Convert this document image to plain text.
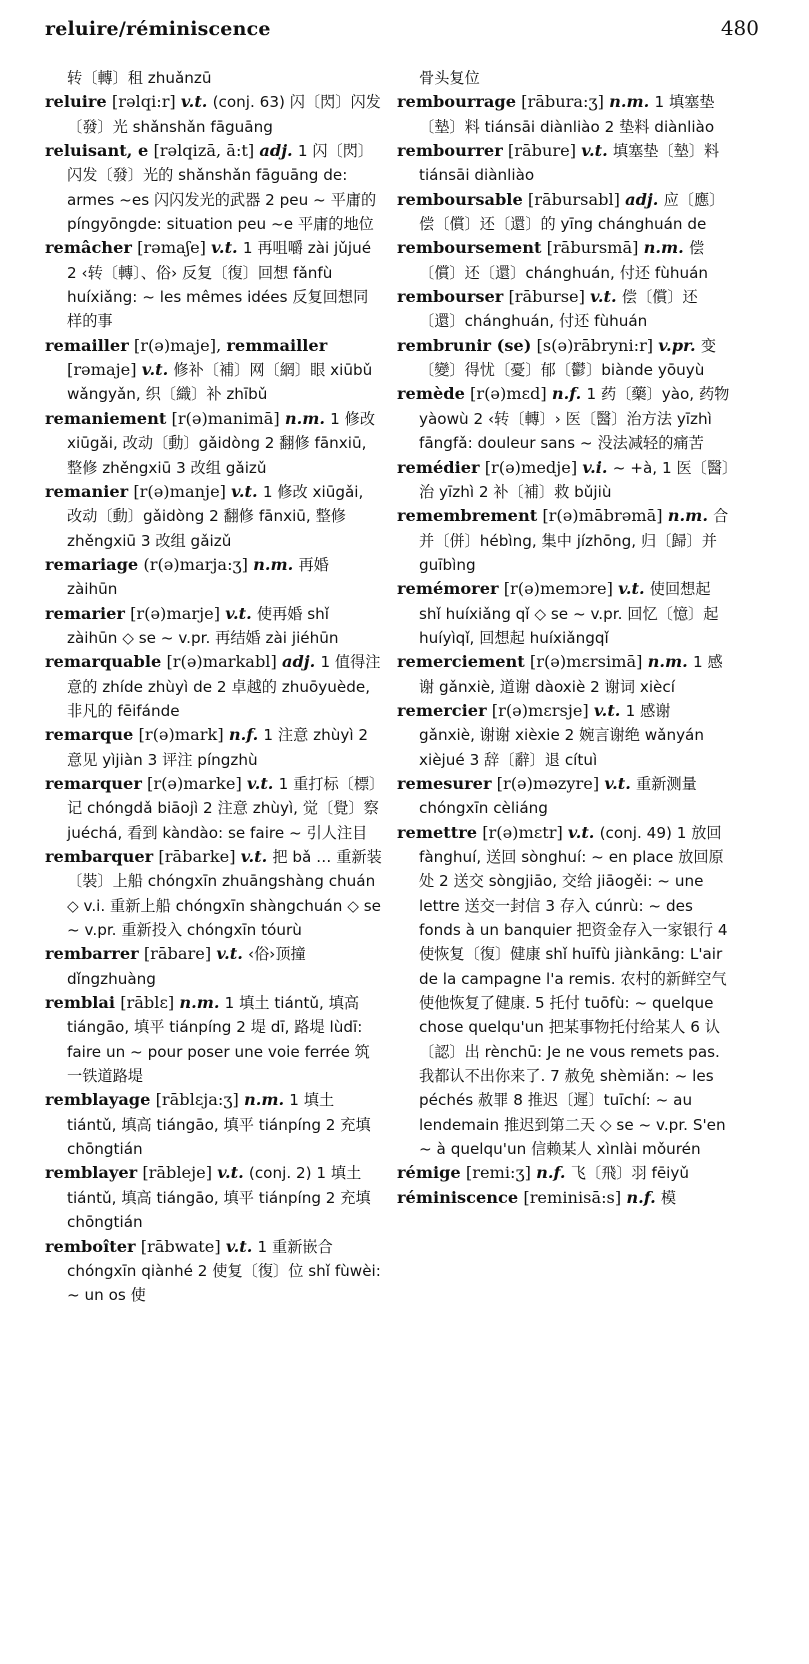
reluire/réminiscence	480
转〔轉〕租 zhuǎnzū
reluire [rəlqi:r] v.t. (conj. 63) 闪〔閃〕闪发〔發〕光 shǎnshǎn fāguāng
reluisant, e [rəlqizā, ā:t] adj. 1 闪〔閃〕闪发〔發〕光的 shǎnshǎn fāguāng de: armes ~es 闪闪发光的武器 2 peu ~ 平庸的 píngyōngde: situation peu ~e 平庸的地位
remâcher [rəmaʃe] v.t. 1 再咀嚼 zài jǔjué 2 ‹转〔轉〕、俗› 反复〔復〕回想 fǎnfù huíxiǎng: ~ les mêmes idées 反复回想同样的事
remailler [r(ə)maje], remmailler [rəmaje] v.t. 修补〔補〕网〔網〕眼 xiūbǔ wǎngyǎn, 织〔織〕补 zhībǔ
remaniement [r(ə)manimā] n.m. 1 修改 xiūgǎi, 改动〔動〕gǎidòng 2 翻修 fānxiū, 整修 zhěngxiū 3 改组 gǎizǔ
remanier [r(ə)manje] v.t. 1 修改 xiūgǎi, 改动〔動〕gǎidòng 2 翻修 fānxiū, 整修 zhěngxiū 3 改组 gǎizǔ
remariage (r(ə)marja:ʒ] n.m. 再婚 zàihūn
remarier [r(ə)marje] v.t. 使再婚 shǐ zàihūn ◇ se ~ v.pr. 再结婚 zài jiéhūn
remarquable [r(ə)markabl] adj. 1 值得注意的 zhíde zhùyì de 2 卓越的 zhuōyuède, 非凡的 fēifánde
remarque [r(ə)mark] n.f. 1 注意 zhùyì 2 意见 yìjiàn 3 评注 píngzhù
remarquer [r(ə)marke] v.t. 1 重打标〔標〕记 chóngdǎ biāojì 2 注意 zhùyì, 觉〔覺〕察 juéchá, 看到 kàndào: se faire ~ 引人注目
rembarquer [rābarke] v.t. 把 bǎ … 重新装〔裝〕上船 chóngxīn zhuāngshàng chuán ◇ v.i. 重新上船 chóngxīn shàngchuán ◇ se ~ v.pr. 重新投入 chóngxīn tóurù
rembarrer [rābare] v.t. ‹俗›顶撞 dǐngzhuàng
remblai [rāblɛ] n.m. 1 填土 tiántǔ, 填高 tiángāo, 填平 tiánpíng 2 堤 dī, 路堤 lùdī: faire un ~ pour poser une voie ferrée 筑一铁道路堤
remblayage [rāblɛja:ʒ] n.m. 1 填土 tiántǔ, 填高 tiángāo, 填平 tiánpíng 2 充填 chōngtián
remblayer [rābleje] v.t. (conj. 2) 1 填土 tiántǔ, 填高 tiángāo, 填平 tiánpíng 2 充填 chōngtián
remboîter [rābwate] v.t. 1 重新嵌合 chóngxīn qiànhé 2 使复〔復〕位 shǐ fùwèi: ~ un os 使
骨头复位
rembourrage [rābura:ʒ] n.m. 1 填塞垫〔墊〕料 tiánsāi diànliào 2 垫料 diànliào
rembourrer [rābure] v.t. 填塞垫〔墊〕料 tiánsāi diànliào
remboursable [rābursabl] adj. 应〔應〕偿〔償〕还〔還〕的 yīng chánghuán de
remboursement [rābursmā] n.m. 偿〔償〕还〔還〕chánghuán, 付还 fùhuán
rembourser [rāburse] v.t. 偿〔償〕还〔還〕chánghuán, 付还 fùhuán
rembrunir (se) [s(ə)rābryni:r] v.pr. 变〔變〕得忧〔憂〕郁〔鬱〕biànde yōuyù
remède [r(ə)mɛd] n.f. 1 药〔藥〕yào, 药物 yàowù 2 ‹转〔轉〕› 医〔醫〕治方法 yīzhì fāngfǎ: douleur sans ~ 没法减轻的痛苦
remédier [r(ə)medje] v.i. ~ +à, 1 医〔醫〕治 yīzhì 2 补〔補〕救 bǔjiù
remembrement [r(ə)mābrəmā] n.m. 合并〔併〕hébìng, 集中 jízhōng, 归〔歸〕并 guībìng
remémorer [r(ə)memɔre] v.t. 使回想起 shǐ huíxiǎng qǐ ◇ se ~ v.pr. 回忆〔憶〕起 huíyìqǐ, 回想起 huíxiǎngqǐ
remerciement [r(ə)mɛrsimā] n.m. 1 感谢 gǎnxiè, 道谢 dàoxiè 2 谢词 xiècí
remercier [r(ə)mɛrsje] v.t. 1 感谢 gǎnxiè, 谢谢 xièxie 2 婉言谢绝 wǎnyán xièjué 3 辞〔辭〕退 cítuì
remesurer [r(ə)məzyre] v.t. 重新测量 chóngxīn cèliáng
remettre [r(ə)mɛtr] v.t. (conj. 49) 1 放回 fànghuí, 送回 sònghuí: ~ en place 放回原处 2 送交 sòngjiāo, 交给 jiāogěi: ~ une lettre 送交一封信 3 存入 cúnrù: ~ des fonds à un banquier 把资金存入一家银行 4 使恢复〔復〕健康 shǐ huīfù jiànkāng: L'air de la campagne l'a remis. 农村的新鲜空气使他恢复了健康. 5 托付 tuōfù: ~ quelque chose quelqu'un 把某事物托付给某人 6 认〔認〕出 rènchū: Je ne vous remets pas. 我都认不出你来了. 7 赦免 shèmiǎn: ~ les péchés 赦罪 8 推迟〔遲〕tuīchí: ~ au lendemain 推迟到第二天 ◇ se ~ v.pr. S'en ~ à quelqu'un 信赖某人 xìnlài mǒurén
rémige [remi:ʒ] n.f. 飞〔飛〕羽 fēiyǔ
réminiscence [reminisā:s] n.f. 模
